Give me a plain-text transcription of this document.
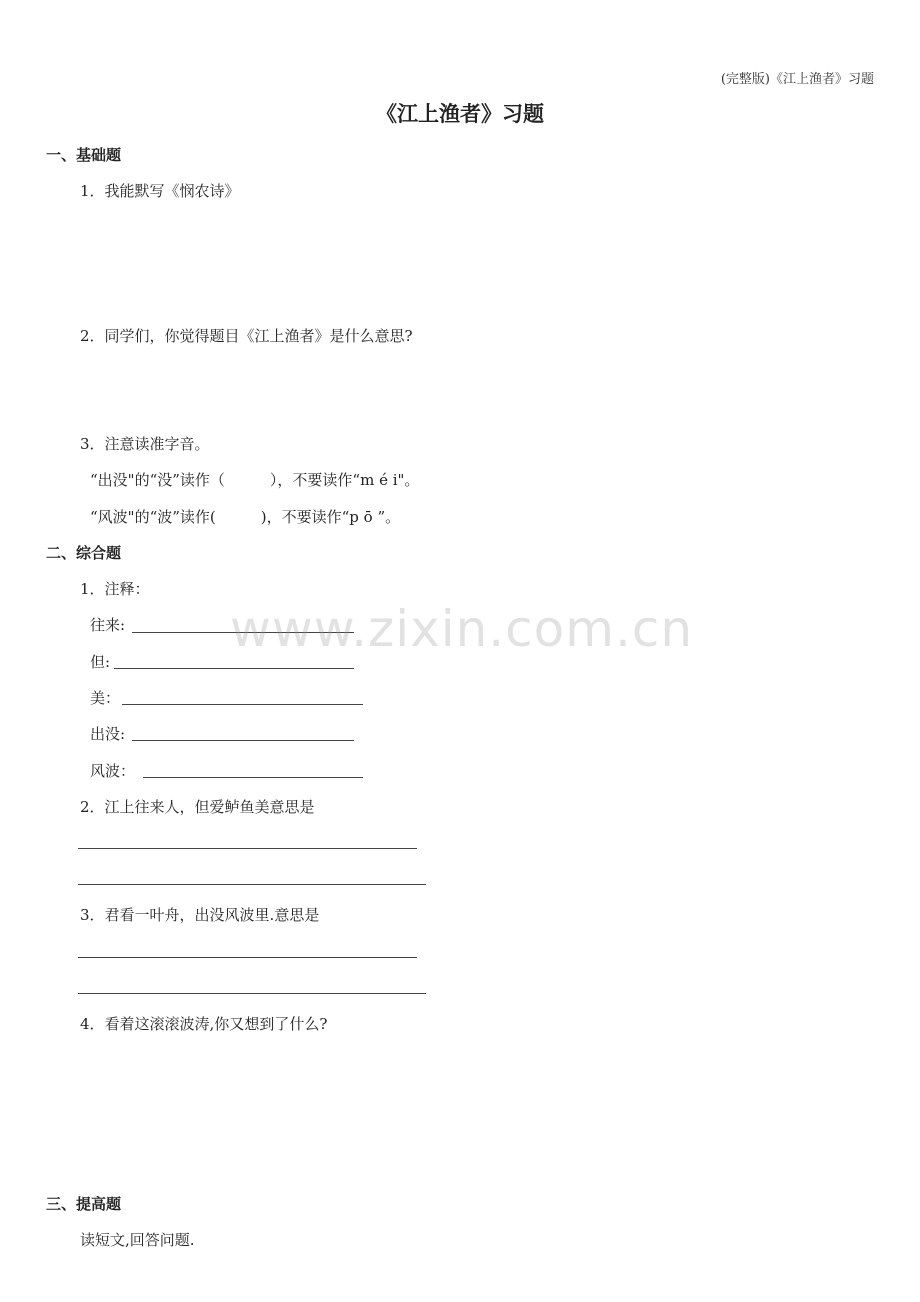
(完整版)《江上渔者》习题
《江上渔者》习题
一、基础题
1．我能默写《悯农诗》
2．同学们，你觉得题目《江上渔者》是什么意思?
3．注意读准字音。
“出没"的“没”读作（　　　），不要读作“m é i"。
“风波"的“波”读作(　　　)，不要读作“p ō ”。
二、综合题
1．注释：
往来:
但:
美：
出没:
风波：
2．江上往来人，但爱鲈鱼美意思是
3．君看一叶舟，出没风波里.意思是
4．看着这滚滚波涛,你又想到了什么?
三、提高题
读短文,回答问题.
www.zixin.com.cn
